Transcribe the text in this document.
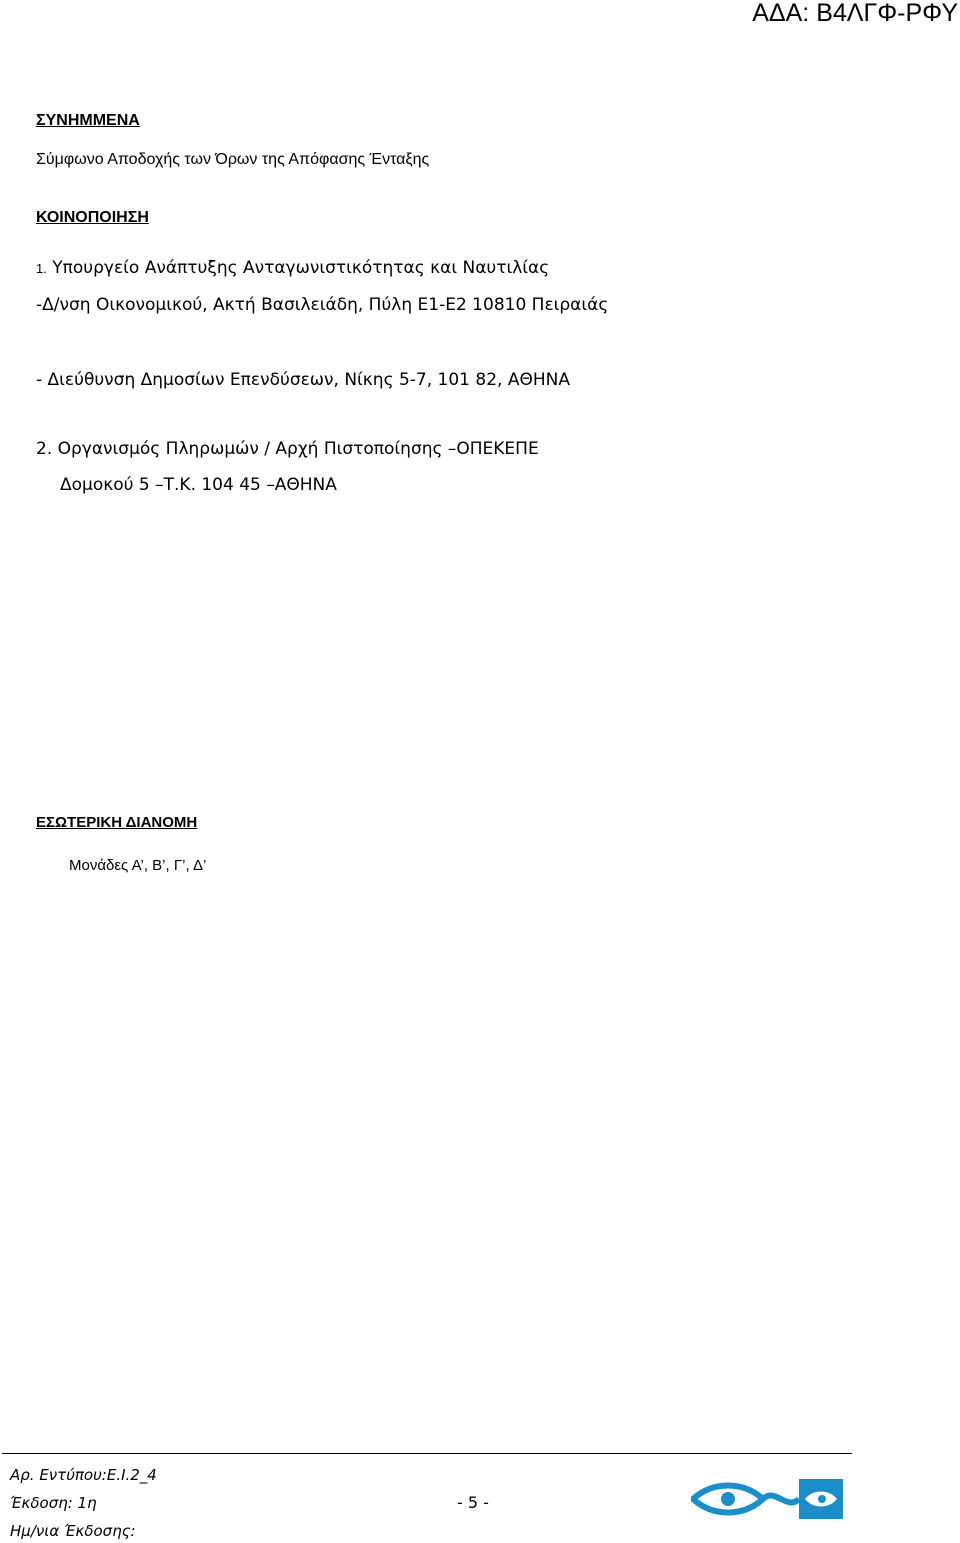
ΑΔΑ: Β4ΛΓΦ-ΡΦΥ
ΣΥΝΗΜΜΕΝΑ
Σύμφωνο Αποδοχής των Όρων της Απόφασης Ένταξης
ΚΟΙΝΟΠΟΙΗΣΗ
1. Υπουργείο Ανάπτυξης Ανταγωνιστικότητας και Ναυτιλίας
-Δ/νση Οικονομικού, Ακτή Βασιλειάδη, Πύλη Ε1-Ε2 10810 Πειραιάς
- Διεύθυνση Δημοσίων Επενδύσεων, Νίκης 5-7, 101 82, ΑΘΗΝΑ
2. Οργανισμός Πληρωμών / Αρχή Πιστοποίησης –ΟΠΕΚΕΠΕ
Δομοκού 5 –Τ.Κ. 104 45 –ΑΘΗΝΑ
ΕΣΩΤΕΡΙΚΗ ΔΙΑΝΟΜΗ
Μονάδες Α’, Β’, Γ’, Δ’
Αρ. Εντύπου:Ε.Ι.2_4
Έκδοση: 1η	- 5 -
Ημ/νια Έκδοσης:
